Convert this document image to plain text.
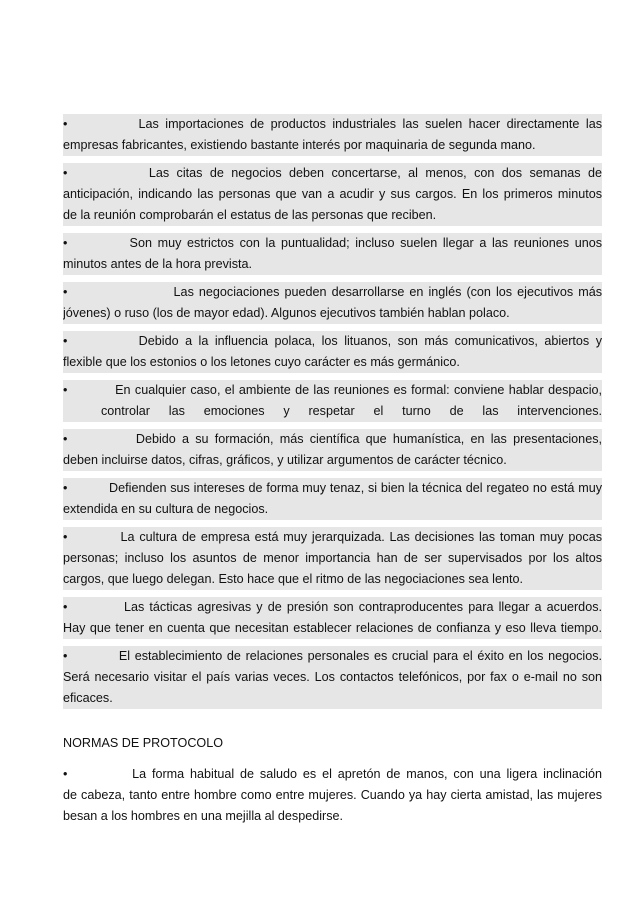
•           Las importaciones de productos industriales las suelen hacer directamente las
empresas fabricantes, existiendo bastante interés por maquinaria de segunda mano.
•           Las citas de negocios deben concertarse, al menos, con dos semanas de
anticipación, indicando las personas que van a acudir y sus cargos. En los primeros minutos
de la reunión comprobarán el estatus de las personas que reciben.
•           Son muy estrictos con la puntualidad; incluso suelen llegar a las reuniones unos
minutos antes de la hora prevista.
•                     Las negociaciones pueden desarrollarse en inglés (con los ejecutivos más
jóvenes) o ruso (los de mayor edad). Algunos ejecutivos también hablan polaco.
•           Debido a la influencia polaca, los lituanos, son más comunicativos, abiertos y
flexible que los estonios o los letones cuyo carácter es más germánico.
•           En cualquier caso, el ambiente de las reuniones es formal: conviene hablar despacio,
controlar las emociones y respetar el turno de las intervenciones.
•           Debido a su formación, más científica que humanística, en las presentaciones,
deben incluirse datos, cifras, gráficos, y utilizar argumentos de carácter técnico.
•           Defienden sus intereses de forma muy tenaz, si bien la técnica del regateo no está muy
extendida en su cultura de negocios.
•           La cultura de empresa está muy jerarquizada. Las decisiones las toman muy pocas
personas; incluso los asuntos de menor importancia han de ser supervisados por los altos
cargos, que luego delegan. Esto hace que el ritmo de las negociaciones sea lento.
•           Las tácticas agresivas y de presión son contraproducentes para llegar a acuerdos.
Hay que tener en cuenta que necesitan establecer relaciones de confianza y eso lleva tiempo.
•           El establecimiento de relaciones personales es crucial para el éxito en los negocios.
Será necesario visitar el país varias veces. Los contactos telefónicos, por fax o e-mail no son
eficaces.
NORMAS DE PROTOCOLO
•           La forma habitual de saludo es el apretón de manos, con una ligera inclinación
de cabeza, tanto entre hombre como entre mujeres. Cuando ya hay cierta amistad, las mujeres
besan a los hombres en una mejilla al despedirse.
